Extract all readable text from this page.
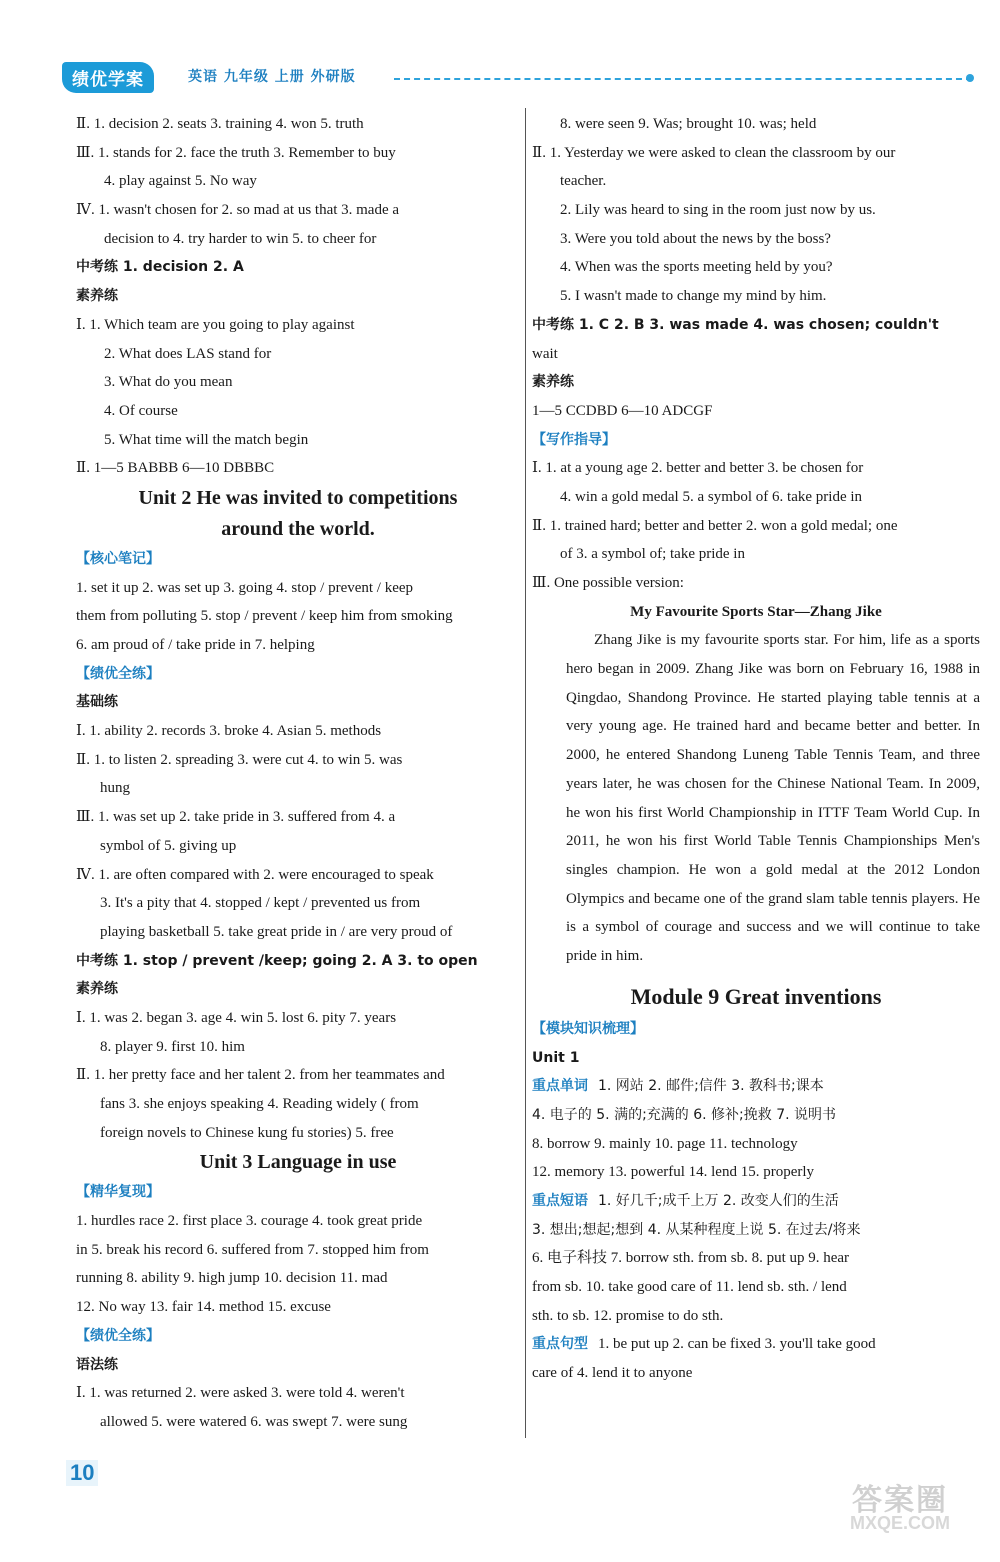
绩优学案	英语 九年级 上册 外研版
Ⅱ. 1. decision 2. seats 3. training 4. won 5. truth
Ⅲ. 1. stands for 2. face the truth 3. Remember to buy
4. play against 5. No way
Ⅳ. 1. wasn't chosen for 2. so mad at us that 3. made a
decision to 4. try harder to win 5. to cheer for
中考练 1. decision 2. A
素养练
Ⅰ. 1. Which team are you going to play against
2. What does LAS stand for
3. What do you mean
4. Of course
5. What time will the match begin
Ⅱ. 1—5 BABBB 6—10 DBBBC
Unit 2 He was invited to competitions
around the world.
【核心笔记】
1. set it up 2. was set up 3. going 4. stop / prevent / keep
them from polluting 5. stop / prevent / keep him from smoking
6. am proud of / take pride in 7. helping
【绩优全练】
基础练
Ⅰ. 1. ability 2. records 3. broke 4. Asian 5. methods
Ⅱ. 1. to listen 2. spreading 3. were cut 4. to win 5. was
hung
Ⅲ. 1. was set up 2. take pride in 3. suffered from 4. a
symbol of 5. giving up
Ⅳ. 1. are often compared with 2. were encouraged to speak
3. It's a pity that 4. stopped / kept / prevented us from
playing basketball 5. take great pride in / are very proud of
中考练 1. stop / prevent /keep; going 2. A 3. to open
素养练
Ⅰ. 1. was 2. began 3. age 4. win 5. lost 6. pity 7. years
8. player 9. first 10. him
Ⅱ. 1. her pretty face and her talent 2. from her teammates and
fans 3. she enjoys speaking 4. Reading widely ( from
foreign novels to Chinese kung fu stories) 5. free
Unit 3 Language in use
【精华复现】
1. hurdles race 2. first place 3. courage 4. took great pride
in 5. break his record 6. suffered from 7. stopped him from
running 8. ability 9. high jump 10. decision 11. mad
12. No way 13. fair 14. method 15. excuse
【绩优全练】
语法练
Ⅰ. 1. was returned 2. were asked 3. were told 4. weren't
allowed 5. were watered 6. was swept 7. were sung
8. were seen 9. Was; brought 10. was; held
Ⅱ. 1. Yesterday we were asked to clean the classroom by our
teacher.
2. Lily was heard to sing in the room just now by us.
3. Were you told about the news by the boss?
4. When was the sports meeting held by you?
5. I wasn't made to change my mind by him.
中考练 1. C 2. B 3. was made 4. was chosen; couldn't
wait
素养练
1—5 CCDBD 6—10 ADCGF
【写作指导】
Ⅰ. 1. at a young age 2. better and better 3. be chosen for
4. win a gold medal 5. a symbol of 6. take pride in
Ⅱ. 1. trained hard; better and better 2. won a gold medal; one
of 3. a symbol of; take pride in
Ⅲ. One possible version:
My Favourite Sports Star—Zhang Jike
Zhang Jike is my favourite sports star. For him, life as a sports hero began in 2009. Zhang Jike was born on February 16, 1988 in Qingdao, Shandong Province. He started playing table tennis at a very young age. He trained hard and became better and better. In 2000, he entered Shandong Luneng Table Tennis Team, and three years later, he was chosen for the Chinese National Team. In 2009, he won his first World Championship in ITTF Team World Cup. In 2011, he won his first World Table Tennis Championships Men's singles champion. He won a gold medal at the 2012 London Olympics and became one of the grand slam table tennis players. He is a symbol of courage and success and we will continue to take pride in him.
Module 9 Great inventions
【模块知识梳理】
Unit 1
重点单词 1. 网站 2. 邮件;信件 3. 教科书;课本
4. 电子的 5. 满的;充满的 6. 修补;挽救 7. 说明书
8. borrow 9. mainly 10. page 11. technology
12. memory 13. powerful 14. lend 15. properly
重点短语 1. 好几千;成千上万 2. 改变人们的生活
3. 想出;想起;想到 4. 从某种程度上说 5. 在过去/将来
6. 电子科技 7. borrow sth. from sb. 8. put up 9. hear
from sb. 10. take good care of 11. lend sb. sth. / lend
sth. to sb. 12. promise to do sth.
重点句型 1. be put up 2. can be fixed 3. you'll take good
care of 4. lend it to anyone
10
答案圈
MXQE.COM
